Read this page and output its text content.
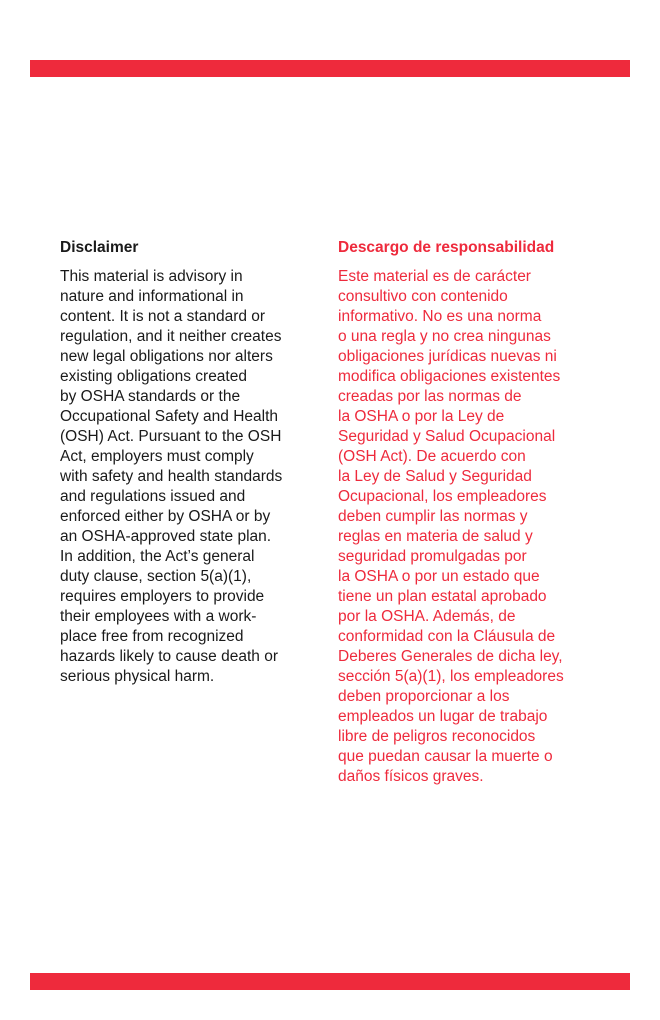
Disclaimer
This material is advisory in
nature and informational in
content. It is not a standard or
regulation, and it neither creates
new legal obligations nor alters
existing obligations created
by OSHA standards or the
Occupational Safety and Health
(OSH) Act. Pursuant to the OSH
Act, employers must comply
with safety and health standards
and regulations issued and
enforced either by OSHA or by
an OSHA-approved state plan.
In addition, the Act’s general
duty clause, section 5(a)(1),
requires employers to provide
their employees with a work-
place free from recognized
hazards likely to cause death or
serious physical harm.
Descargo de responsabilidad
Este material es de carácter
consultivo con contenido
informativo. No es una norma
o una regla y no crea ningunas
obligaciones jurídicas nuevas ni
modifica obligaciones existentes
creadas por las normas de
la OSHA o por la Ley de
Seguridad y Salud Ocupacional
(OSH Act). De acuerdo con
la Ley de Salud y Seguridad
Ocupacional, los empleadores
deben cumplir las normas y
reglas en materia de salud y
seguridad promulgadas por
la OSHA o por un estado que
tiene un plan estatal aprobado
por la OSHA. Además, de
conformidad con la Cláusula de
Deberes Generales de dicha ley,
sección 5(a)(1), los empleadores
deben proporcionar a los
empleados un lugar de trabajo
libre de peligros reconocidos
que puedan causar la muerte o
daños físicos graves.
